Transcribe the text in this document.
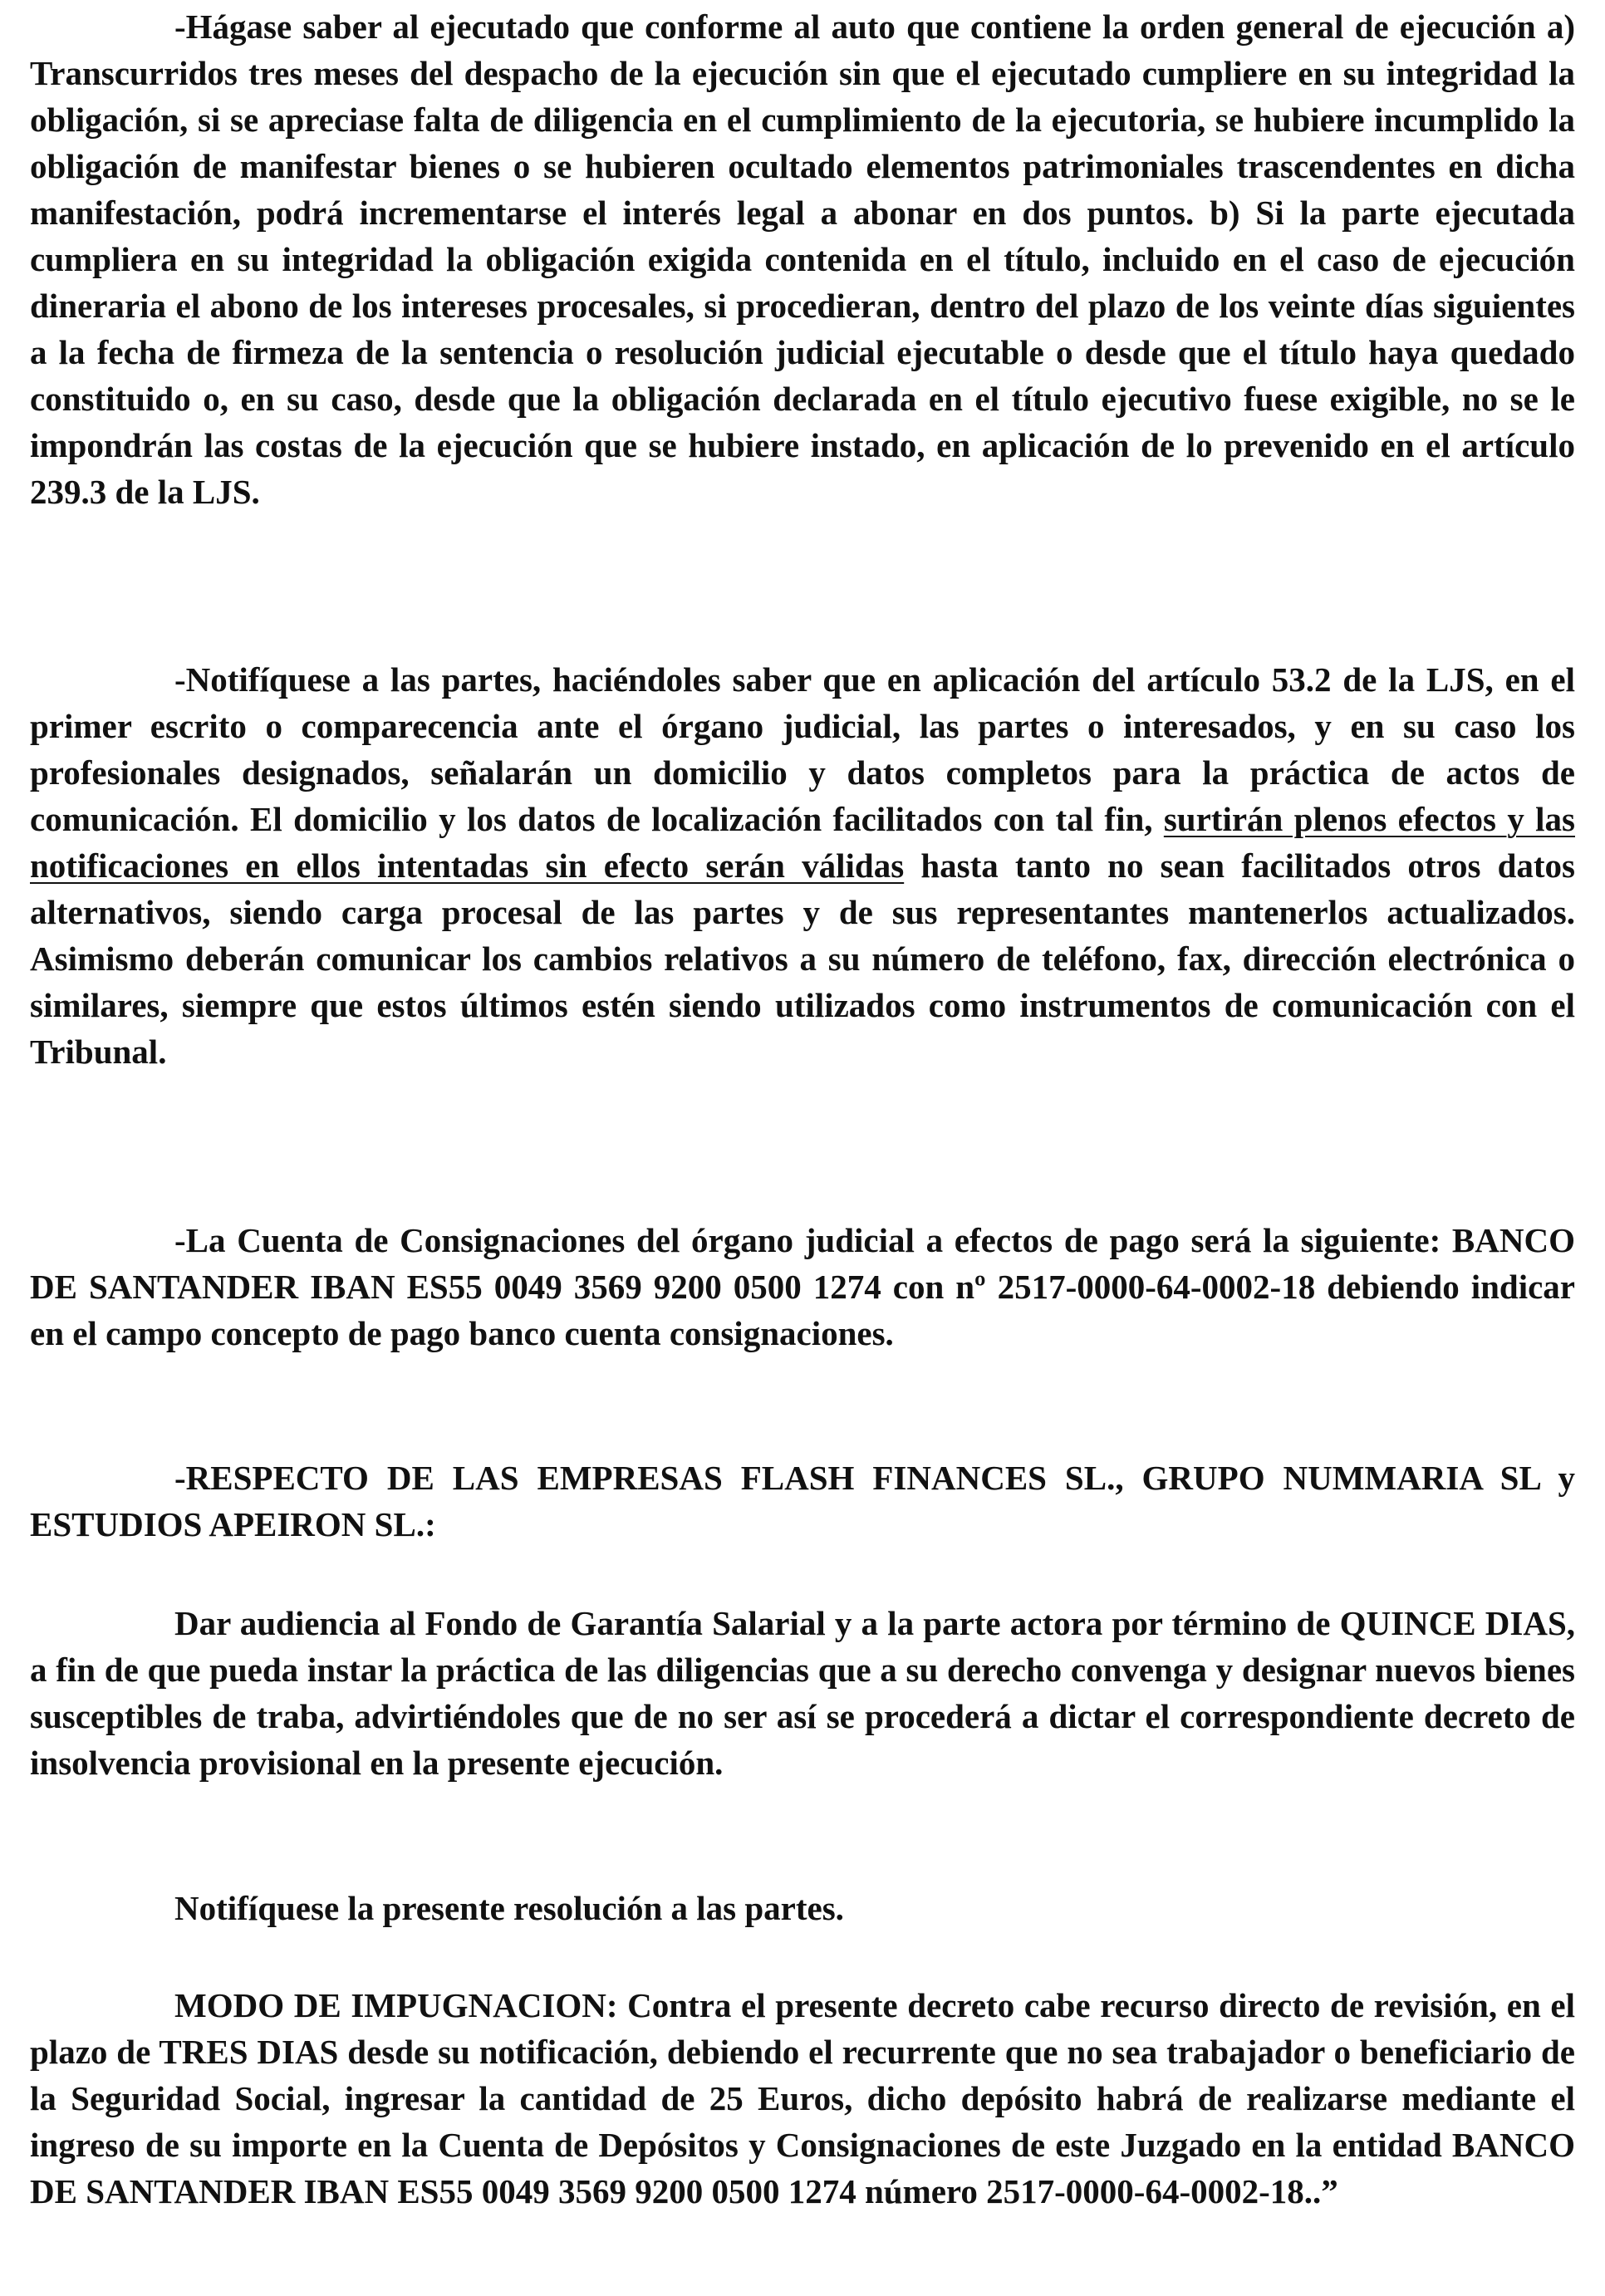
-Hágase saber al ejecutado que conforme al auto que contiene la orden general de ejecución a) Transcurridos tres meses del despacho de la ejecución sin que el ejecutado cumpliere en su integridad la obligación, si se apreciase falta de diligencia en el cumplimiento de la ejecutoria, se hubiere incumplido la obligación de manifestar bienes o se hubieren ocultado elementos patrimoniales trascendentes en dicha manifestación, podrá incrementarse el interés legal a abonar en dos puntos. b) Si la parte ejecutada cumpliera en su integridad la obligación exigida contenida en el título, incluido en el caso de ejecución dineraria el abono de los intereses procesales, si procedieran, dentro del plazo de los veinte días siguientes a la fecha de firmeza de la sentencia o resolución judicial ejecutable o desde que el título haya quedado constituido o, en su caso, desde que la obligación declarada en el título ejecutivo fuese exigible, no se le impondrán las costas de la ejecución que se hubiere instado, en aplicación de lo prevenido en el artículo 239.3 de la LJS.

-Notifíquese a las partes, haciéndoles saber que en aplicación del artículo 53.2 de la LJS, en el primer escrito o comparecencia ante el órgano judicial, las partes o interesados, y en su caso los profesionales designados, señalarán un domicilio y datos completos para la práctica de actos de comunicación. El domicilio y los datos de localización facilitados con tal fin, surtirán plenos efectos y las notificaciones en ellos intentadas sin efecto serán válidas hasta tanto no sean facilitados otros datos alternativos, siendo carga procesal de las partes y de sus representantes mantenerlos actualizados. Asimismo deberán comunicar los cambios relativos a su número de teléfono, fax, dirección electrónica o similares, siempre que estos últimos estén siendo utilizados como instrumentos de comunicación con el Tribunal.

-La Cuenta de Consignaciones del órgano judicial a efectos de pago será la siguiente: BANCO DE SANTANDER IBAN ES55 0049 3569 9200 0500 1274 con nº 2517-0000-64-0002-18 debiendo indicar en el campo concepto de pago banco cuenta consignaciones.

-RESPECTO DE LAS EMPRESAS FLASH FINANCES SL., GRUPO NUMMARIA SL y ESTUDIOS APEIRON SL.:

Dar audiencia al Fondo de Garantía Salarial y a la parte actora por término de QUINCE DIAS, a fin de que pueda instar la práctica de las diligencias que a su derecho convenga y designar nuevos bienes susceptibles de traba, advirtiéndoles que de no ser así se procederá a dictar el correspondiente decreto de insolvencia provisional en la presente ejecución.

Notifíquese la presente resolución a las partes.

MODO DE IMPUGNACION: Contra el presente decreto cabe recurso directo de revisión, en el plazo de TRES DIAS desde su notificación, debiendo el recurrente que no sea trabajador o beneficiario de la Seguridad Social, ingresar la cantidad de 25 Euros, dicho depósito habrá de realizarse mediante el ingreso de su importe en la Cuenta de Depósitos y Consignaciones de este Juzgado en la entidad BANCO DE SANTANDER IBAN ES55 0049 3569 9200 0500 1274 número 2517-0000-64-0002-18..”
